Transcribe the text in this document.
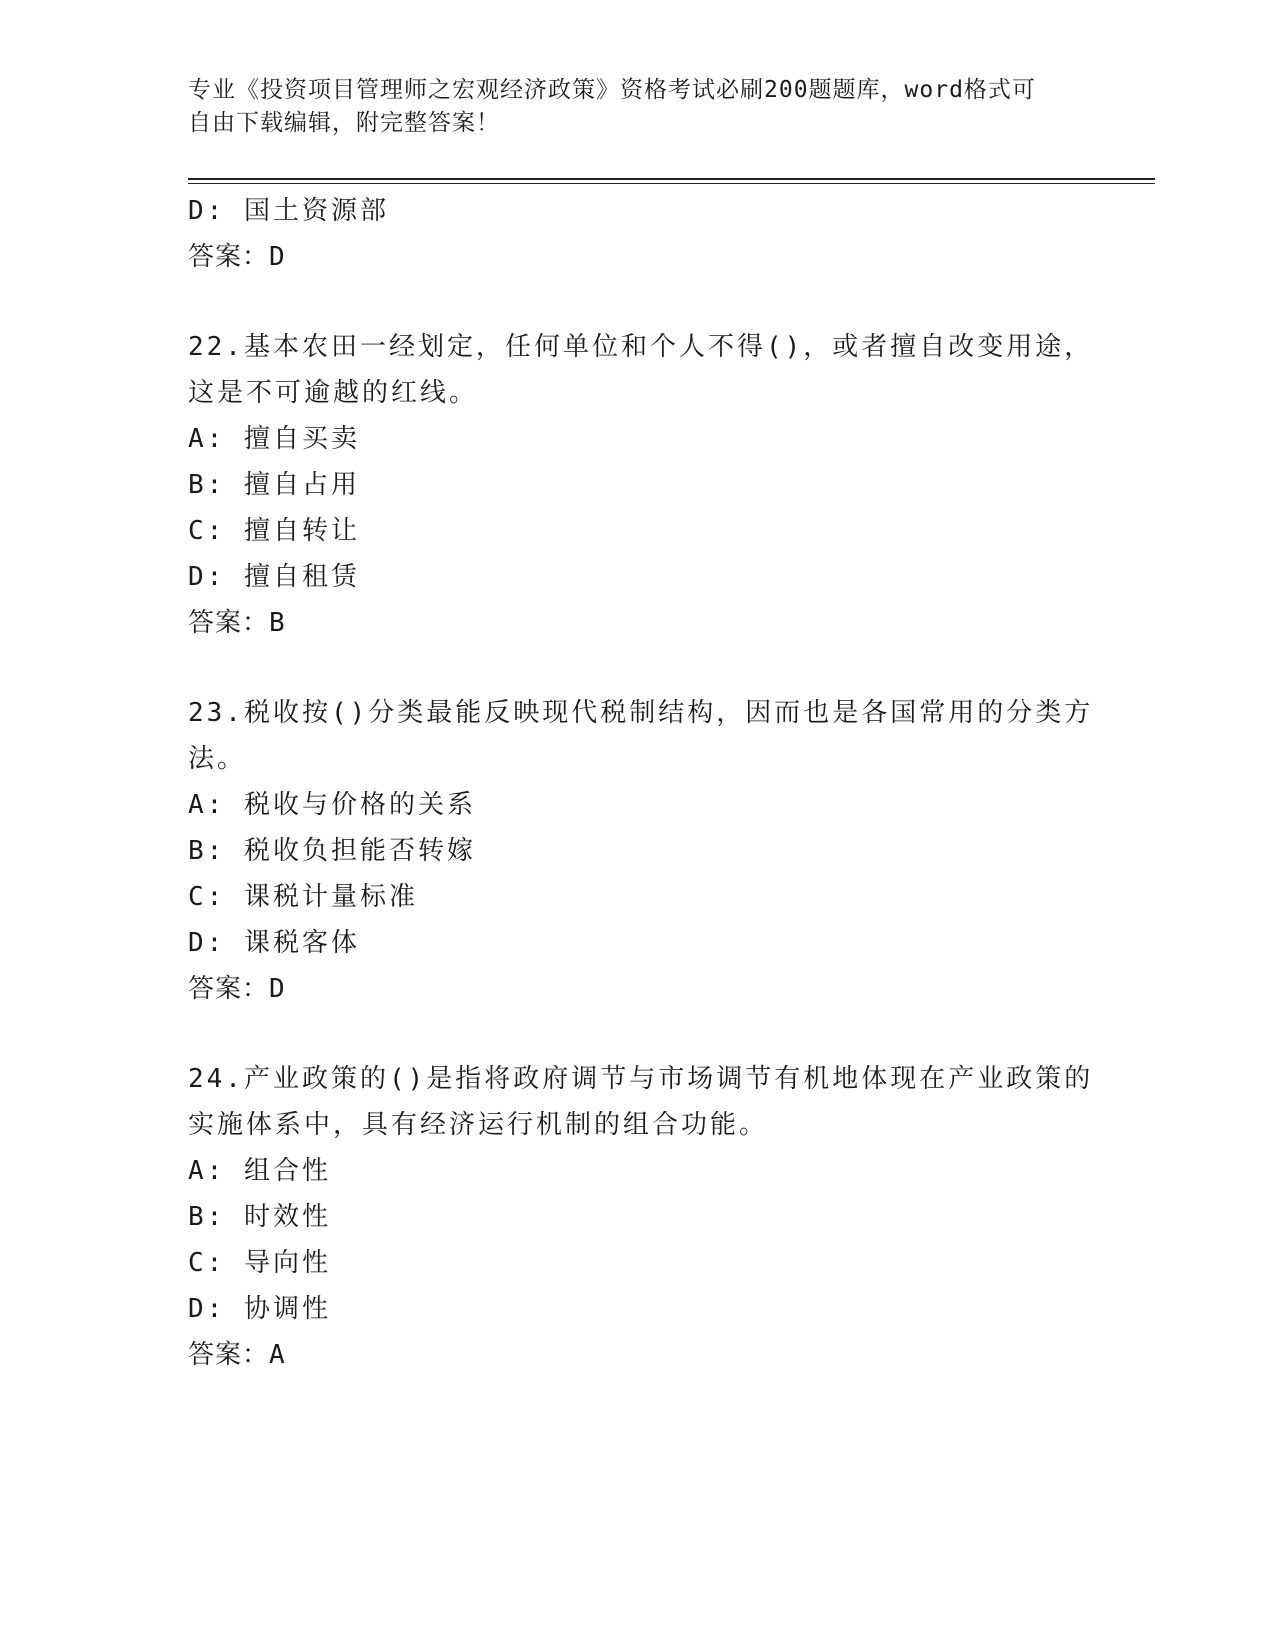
专业《投资项目管理师之宏观经济政策》资格考试必刷200题题库，word格式可
自由下载编辑，附完整答案！
D: 国土资源部
答案：D
22.基本农田一经划定，任何单位和个人不得()，或者擅自改变用途，
这是不可逾越的红线。
A: 擅自买卖
B: 擅自占用
C: 擅自转让
D: 擅自租赁
答案：B
23.税收按()分类最能反映现代税制结构，因而也是各国常用的分类方
法。
A: 税收与价格的关系
B: 税收负担能否转嫁
C: 课税计量标准
D: 课税客体
答案：D
24.产业政策的()是指将政府调节与市场调节有机地体现在产业政策的
实施体系中，具有经济运行机制的组合功能。
A: 组合性
B: 时效性
C: 导向性
D: 协调性
答案：A
